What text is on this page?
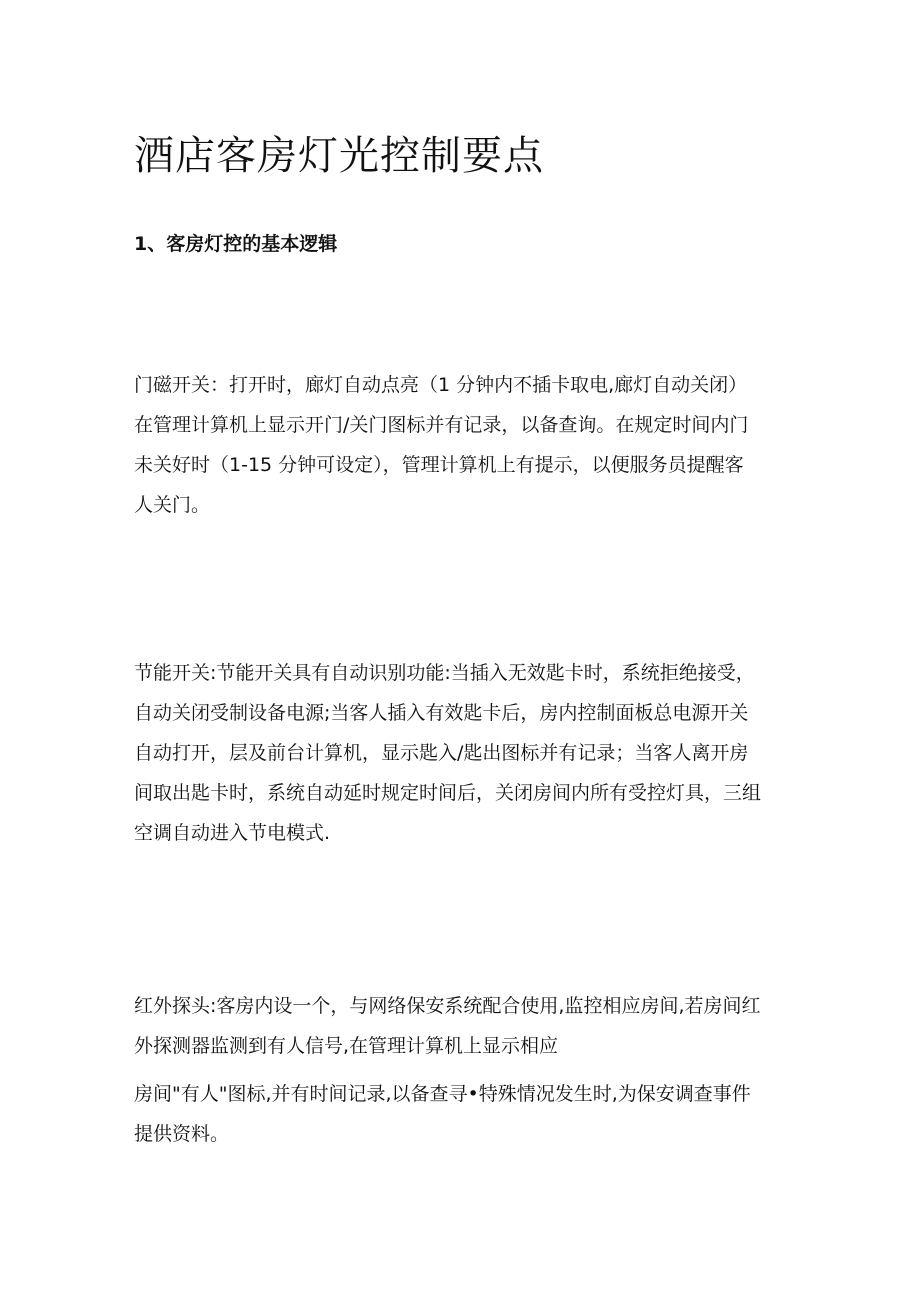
酒店客房灯光控制要点
1、客房灯控的基本逻辑
门磁开关：打开时，廊灯自动点亮（1 分钟内不插卡取电,廊灯自动关闭）
在管理计算机上显示开门/关门图标并有记录，以备查询。在规定时间内门
未关好时（1-15 分钟可设定），管理计算机上有提示，以便服务员提醒客
人关门。
节能开关:节能开关具有自动识别功能:当插入无效匙卡时，系统拒绝接受，
自动关闭受制设备电源;当客人插入有效匙卡后，房内控制面板总电源开关
自动打开，层及前台计算机，显示匙入/匙出图标并有记录；当客人离开房
间取出匙卡时，系统自动延时规定时间后，关闭房间内所有受控灯具，三组
空调自动进入节电模式.
红外探头:客房内设一个，与网络保安系统配合使用,监控相应房间,若房间红
外探测器监测到有人信号,在管理计算机上显示相应
房间"有人"图标,并有时间记录,以备查寻•特殊情况发生时,为保安调查事件
提供资料。
